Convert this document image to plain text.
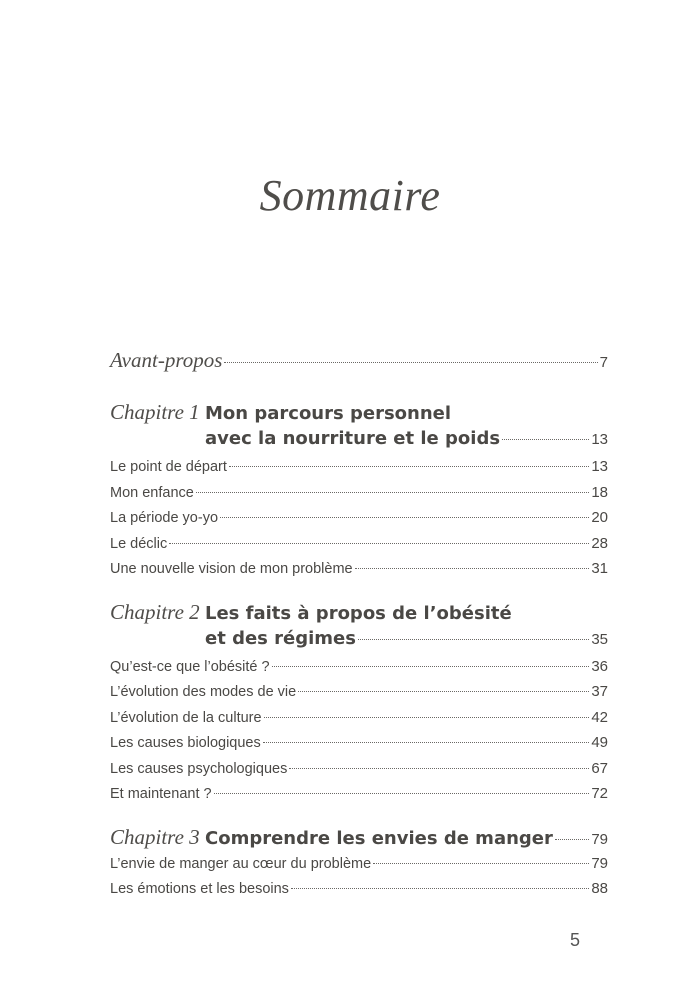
Sommaire
Avant-propos	7
Chapitre 1 Mon parcours personnel
avec la nourriture et le poids	13
Le point de départ	13
Mon enfance	18
La période yo-yo	20
Le déclic	28
Une nouvelle vision de mon problème	31
Chapitre 2 Les faits à propos de l’obésité
et des régimes	35
Qu’est-ce que l’obésité ?	36
L’évolution des modes de vie	37
L’évolution de la culture	42
Les causes biologiques	49
Les causes psychologiques	67
Et maintenant ?	72
Chapitre 3 Comprendre les envies de manger	79
L’envie de manger au cœur du problème	79
Les émotions et les besoins	88
5
